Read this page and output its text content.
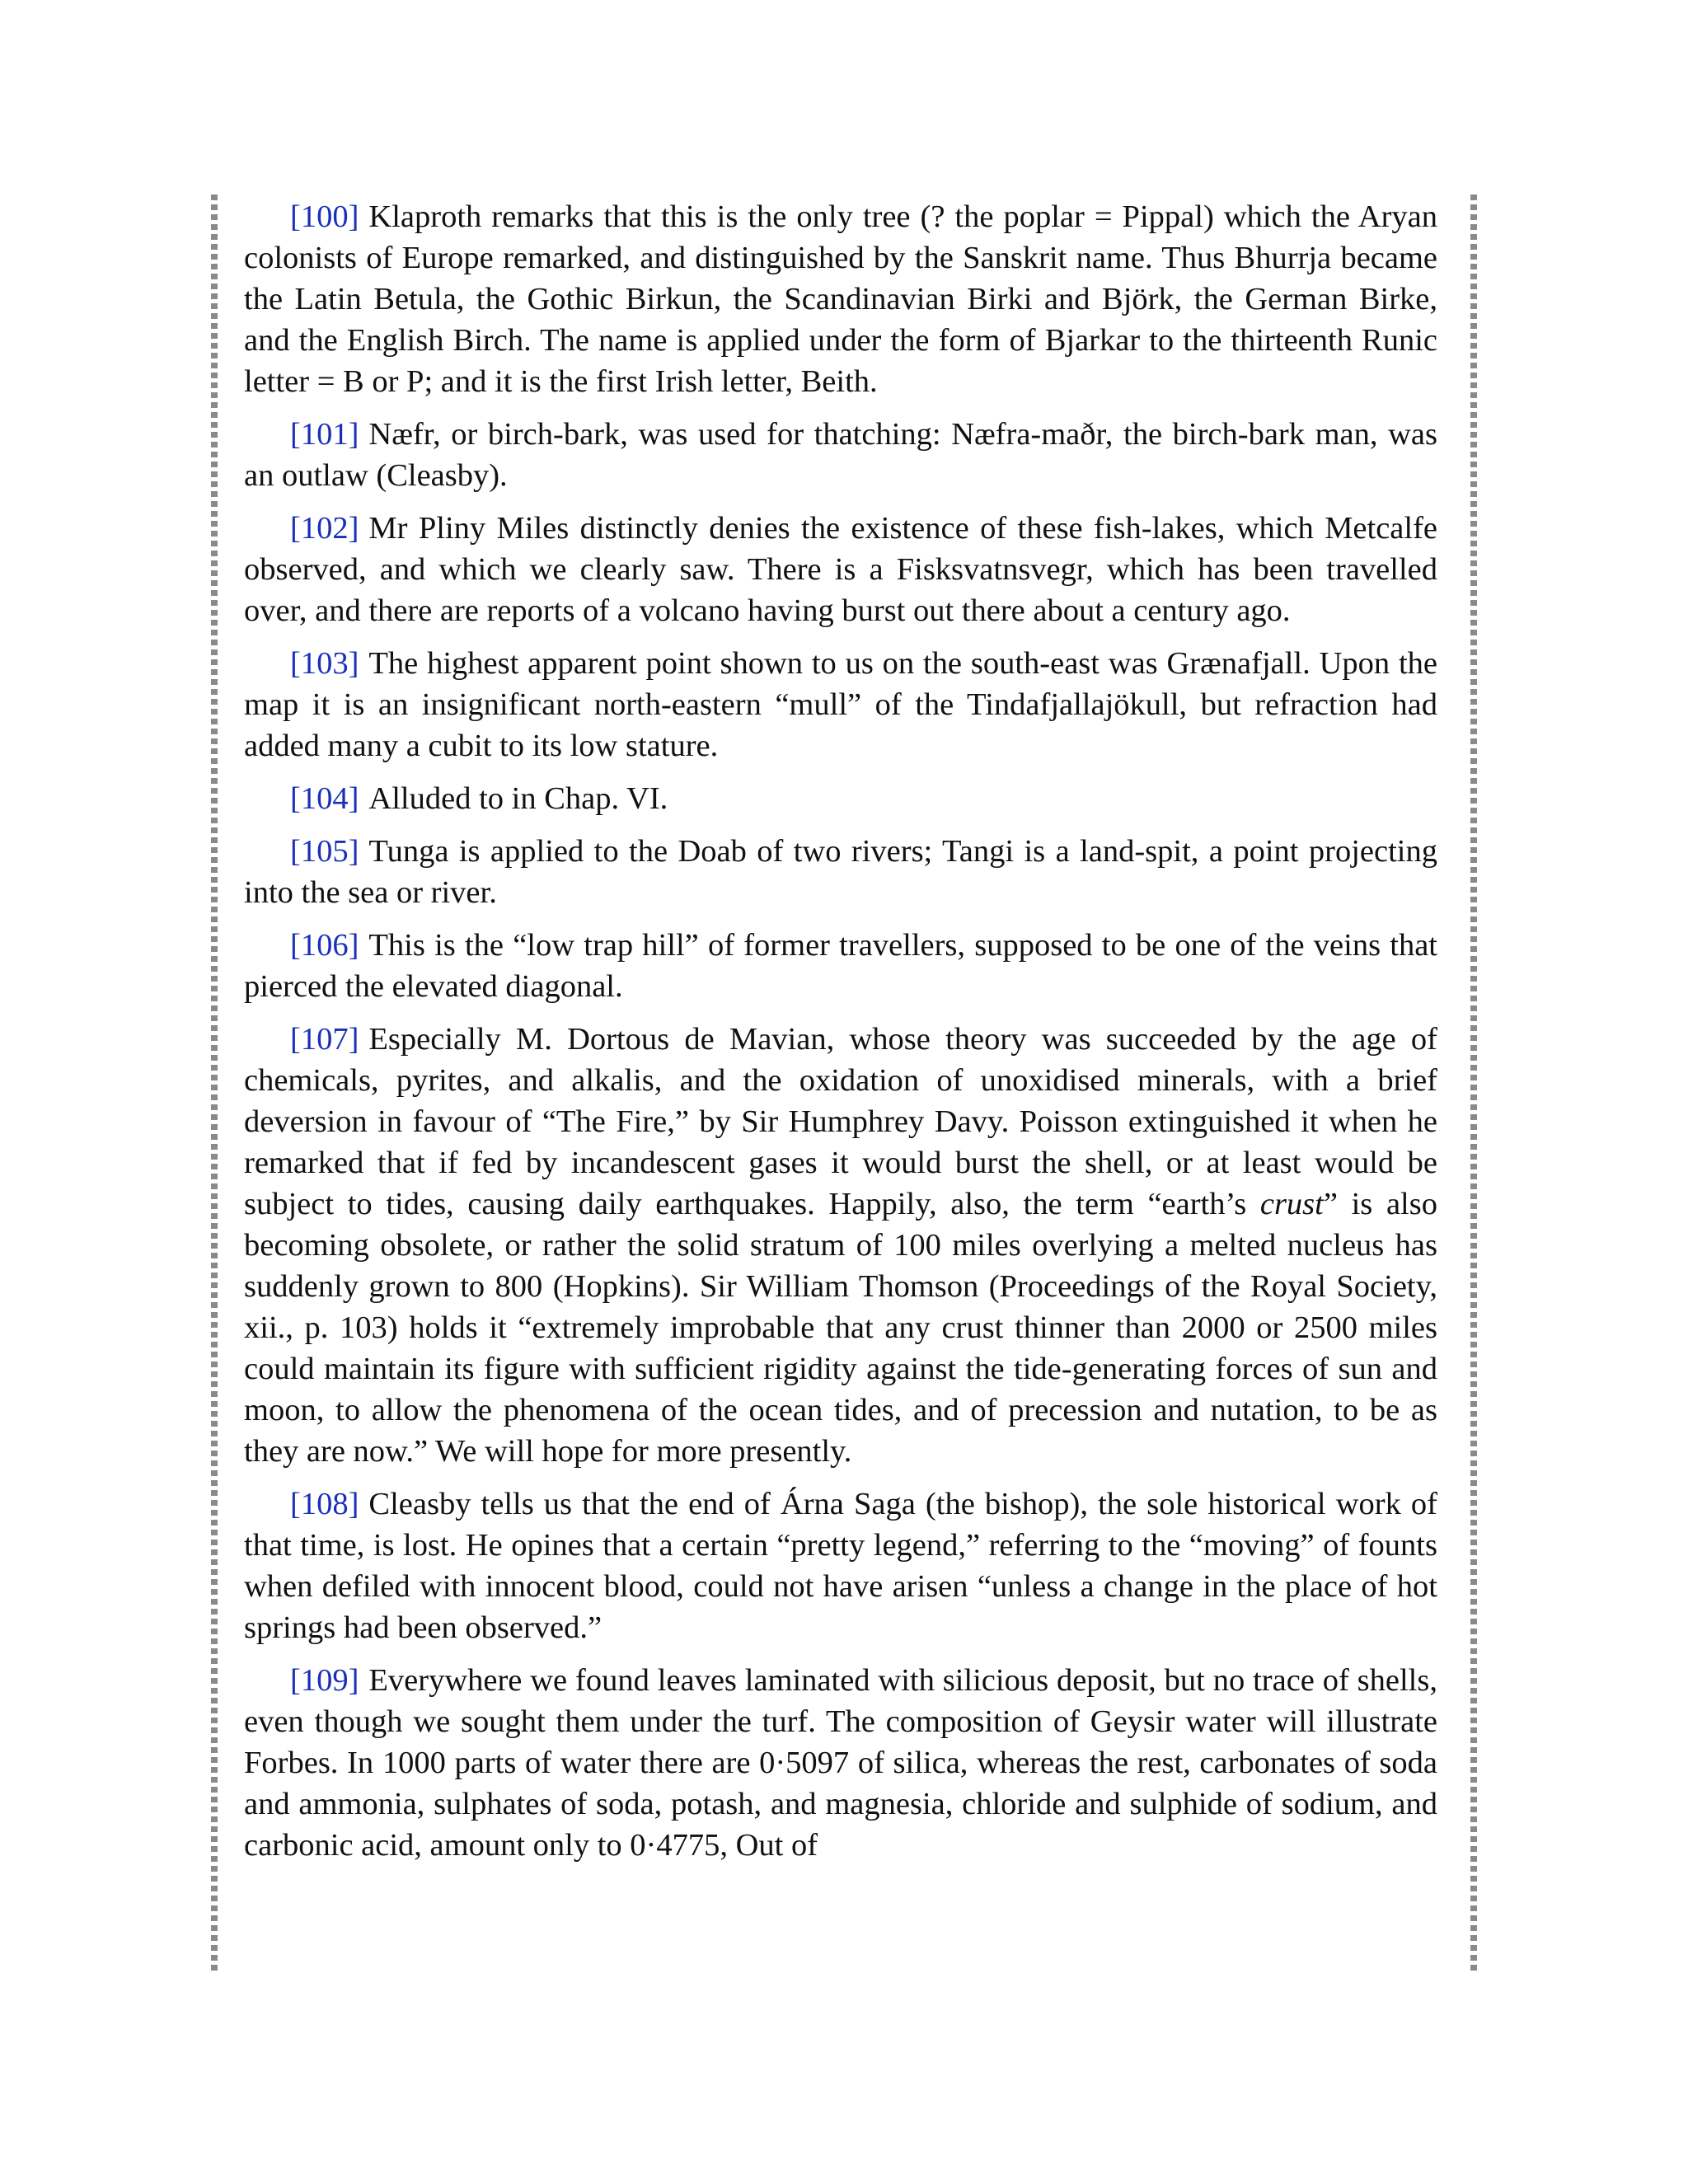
[100] Klaproth remarks that this is the only tree (? the poplar = Pippal) which the Aryan colonists of Europe remarked, and distinguished by the Sanskrit name. Thus Bhurrja became the Latin Betula, the Gothic Birkun, the Scandinavian Birki and Björk, the German Birke, and the English Birch. The name is applied under the form of Bjarkar to the thirteenth Runic letter = B or P; and it is the first Irish letter, Beith.

[101] Næfr, or birch-bark, was used for thatching: Næfra-maðr, the birch-bark man, was an outlaw (Cleasby).

[102] Mr Pliny Miles distinctly denies the existence of these fish-lakes, which Metcalfe observed, and which we clearly saw. There is a Fisksvatnsvegr, which has been travelled over, and there are reports of a volcano having burst out there about a century ago.

[103] The highest apparent point shown to us on the south-east was Grænafjall. Upon the map it is an insignificant north-eastern “mull” of the Tindafjallajökull, but refraction had added many a cubit to its low stature.

[104] Alluded to in Chap. VI.

[105] Tunga is applied to the Doab of two rivers; Tangi is a land-spit, a point projecting into the sea or river.

[106] This is the “low trap hill” of former travellers, supposed to be one of the veins that pierced the elevated diagonal.

[107] Especially M. Dortous de Mavian, whose theory was succeeded by the age of chemicals, pyrites, and alkalis, and the oxidation of unoxidised minerals, with a brief deversion in favour of “The Fire,” by Sir Humphrey Davy. Poisson extinguished it when he remarked that if fed by incandescent gases it would burst the shell, or at least would be subject to tides, causing daily earthquakes. Happily, also, the term “earth’s crust” is also becoming obsolete, or rather the solid stratum of 100 miles overlying a melted nucleus has suddenly grown to 800 (Hopkins). Sir William Thomson (Proceedings of the Royal Society, xii., p. 103) holds it “extremely improbable that any crust thinner than 2000 or 2500 miles could maintain its figure with sufficient rigidity against the tide-generating forces of sun and moon, to allow the phenomena of the ocean tides, and of precession and nutation, to be as they are now.” We will hope for more presently.

[108] Cleasby tells us that the end of Árna Saga (the bishop), the sole historical work of that time, is lost. He opines that a certain “pretty legend,” referring to the “moving” of founts when defiled with innocent blood, could not have arisen “unless a change in the place of hot springs had been observed.”

[109] Everywhere we found leaves laminated with silicious deposit, but no trace of shells, even though we sought them under the turf. The composition of Geysir water will illustrate Forbes. In 1000 parts of water there are 0·5097 of silica, whereas the rest, carbonates of soda and ammonia, sulphates of soda, potash, and magnesia, chloride and sulphide of sodium, and carbonic acid, amount only to 0·4775, Out of
